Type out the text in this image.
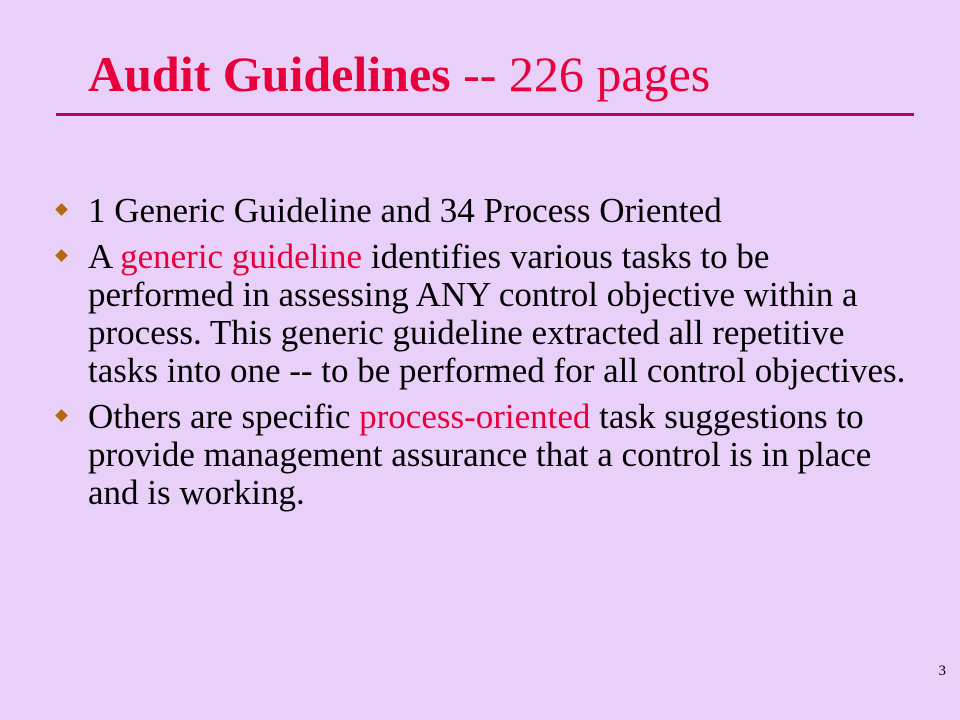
Audit Guidelines -- 226 pages
1 Generic Guideline and 34 Process Oriented
A generic guideline identifies various tasks to be performed in assessing ANY control objective within a process. This generic guideline extracted all repetitive tasks into one -- to be performed for all control objectives.
Others are specific process-oriented task suggestions to provide management assurance that a control is in place and is working.
3
